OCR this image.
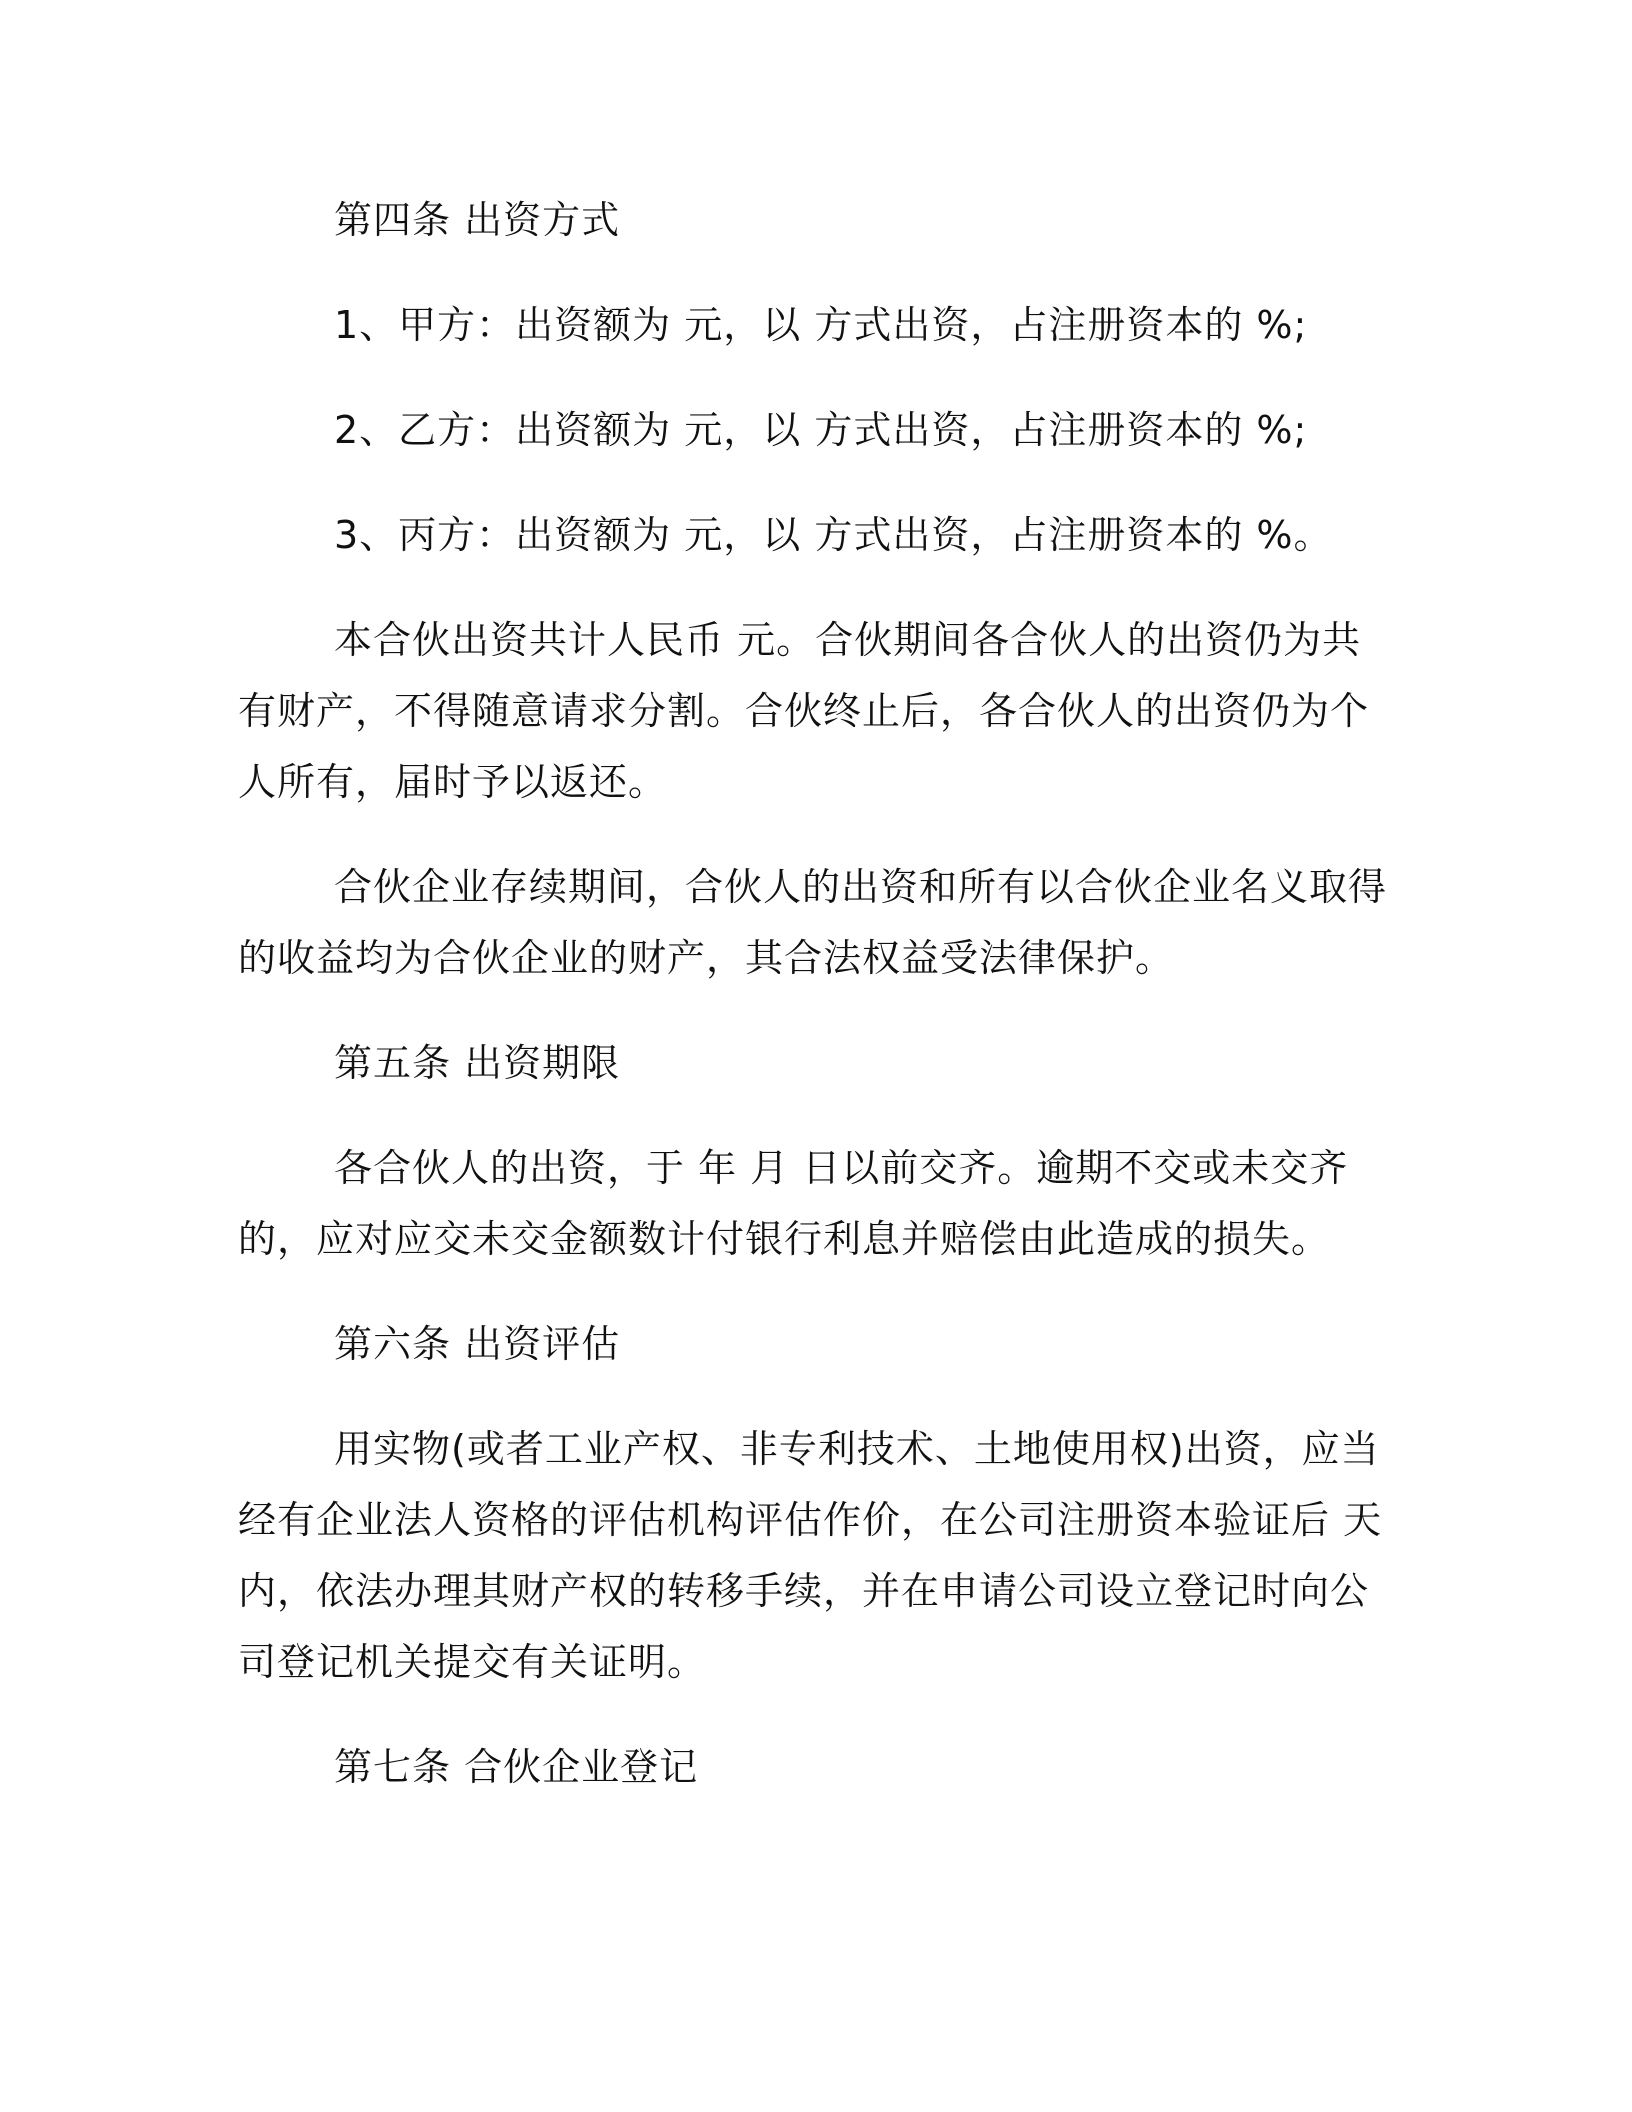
第四条 出资方式

1、甲方：出资额为 元，以 方式出资，占注册资本的 %;

2、乙方：出资额为 元，以 方式出资，占注册资本的 %;

3、丙方：出资额为 元，以 方式出资，占注册资本的 %。

本合伙出资共计人民币 元。合伙期间各合伙人的出资仍为共有财产，不得随意请求分割。合伙终止后，各合伙人的出资仍为个人所有，届时予以返还。

合伙企业存续期间，合伙人的出资和所有以合伙企业名义取得的收益均为合伙企业的财产，其合法权益受法律保护。

第五条 出资期限

各合伙人的出资，于 年 月 日以前交齐。逾期不交或未交齐的，应对应交未交金额数计付银行利息并赔偿由此造成的损失。

第六条 出资评估

用实物(或者工业产权、非专利技术、土地使用权)出资，应当经有企业法人资格的评估机构评估作价，在公司注册资本验证后 天内，依法办理其财产权的转移手续，并在申请公司设立登记时向公司登记机关提交有关证明。

第七条 合伙企业登记
